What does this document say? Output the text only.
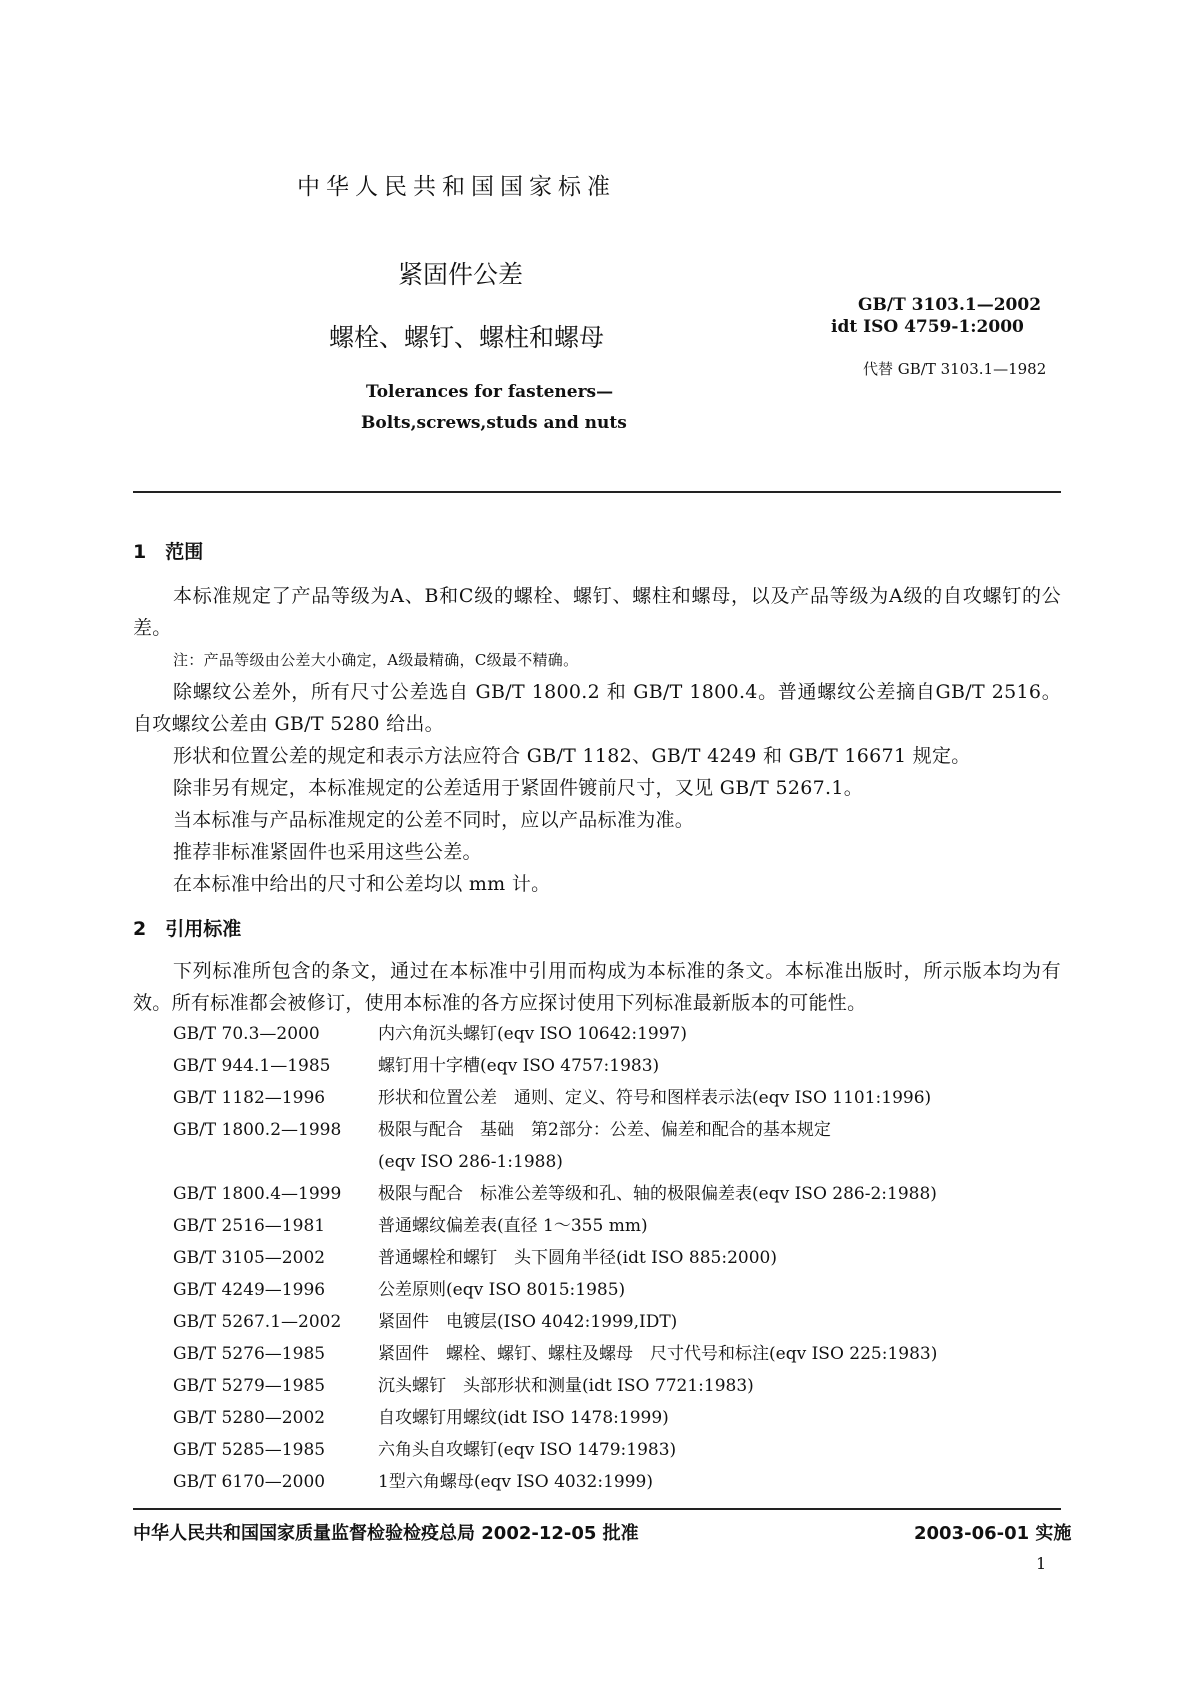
中华人民共和国国家标准
紧固件公差
螺栓、螺钉、螺柱和螺母
Tolerances for fasteners—
Bolts,screws,studs and nuts
GB/T 3103.1—2002
idt ISO 4759-1:2000
代替 GB/T 3103.1—1982
1　范围

本标准规定了产品等级为A、B和C级的螺栓、螺钉、螺柱和螺母，以及产品等级为A级的自攻螺钉的公差。

注：产品等级由公差大小确定，A级最精确，C级最不精确。

除螺纹公差外，所有尺寸公差选自 GB/T 1800.2 和 GB/T 1800.4。普通螺纹公差摘自GB/T 2516。自攻螺纹公差由 GB/T 5280 给出。

形状和位置公差的规定和表示方法应符合 GB/T 1182、GB/T 4249 和 GB/T 16671 规定。

除非另有规定，本标准规定的公差适用于紧固件镀前尺寸，又见 GB/T 5267.1。

当本标准与产品标准规定的公差不同时，应以产品标准为准。

推荐非标准紧固件也采用这些公差。

在本标准中给出的尺寸和公差均以 mm 计。

2　引用标准

下列标准所包含的条文，通过在本标准中引用而构成为本标准的条文。本标准出版时，所示版本均为有效。所有标准都会被修订，使用本标准的各方应探讨使用下列标准最新版本的可能性。

GB/T 70.3—2000	内六角沉头螺钉(eqv ISO 10642:1997)
GB/T 944.1—1985	螺钉用十字槽(eqv ISO 4757:1983)
GB/T 1182—1996	形状和位置公差　通则、定义、符号和图样表示法(eqv ISO 1101:1996)
GB/T 1800.2—1998 极限与配合　基础　第2部分：公差、偏差和配合的基本规定
(eqv ISO 286-1:1988)
GB/T 1800.4—1999 极限与配合　标准公差等级和孔、轴的极限偏差表(eqv ISO 286-2:1988)
GB/T 2516—1981	普通螺纹偏差表(直径 1～355 mm)
GB/T 3105—2002	普通螺栓和螺钉　头下圆角半径(idt ISO 885:2000)
GB/T 4249—1996	公差原则(eqv ISO 8015:1985)
GB/T 5267.1—2002 紧固件　电镀层(ISO 4042:1999,IDT)
GB/T 5276—1985	紧固件　螺栓、螺钉、螺柱及螺母　尺寸代号和标注(eqv ISO 225:1983)
GB/T 5279—1985	沉头螺钉　头部形状和测量(idt ISO 7721:1983)
GB/T 5280—2002	自攻螺钉用螺纹(idt ISO 1478:1999)
GB/T 5285—1985	六角头自攻螺钉(eqv ISO 1479:1983)
GB/T 6170—2000	1型六角螺母(eqv ISO 4032:1999)
中华人民共和国国家质量监督检验检疫总局 2002-12-05 批准	2003-06-01 实施
1
